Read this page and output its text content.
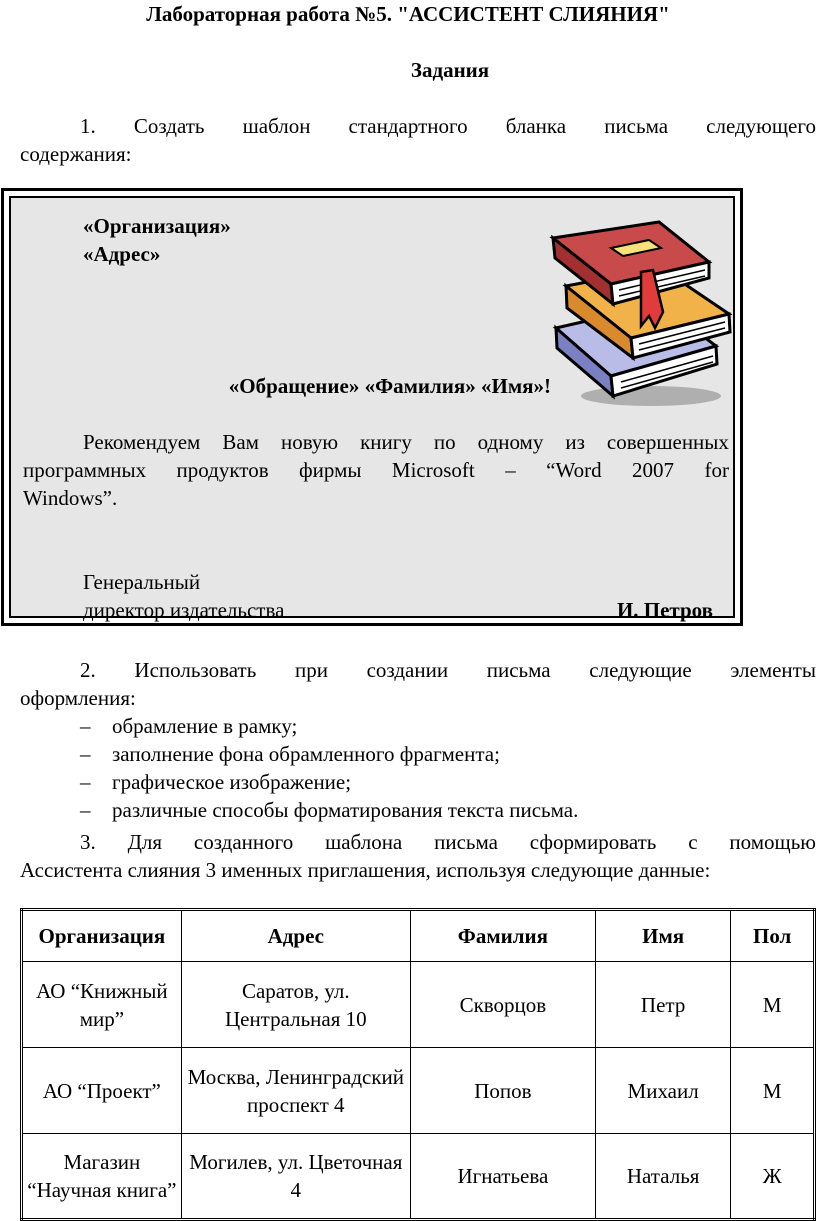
Лабораторная работа №5. "АССИСТЕНТ СЛИЯНИЯ"
Задания
1. Создать шаблон стандартного бланка письма следующего
содержания:
«Организация»
«Адрес»
«Обращение» «Фамилия» «Имя»!
Рекомендуем Вам новую книгу по одному из совершенных
программных продуктов фирмы Microsoft – “Word 2007 for
Windows”.
Генеральный
директор издательства	И. Петров
2. Использовать при создании письма следующие элементы
оформления:
– обрамление в рамку;
– заполнение фона обрамленного фрагмента;
– графическое изображение;
– различные способы форматирования текста письма.
3. Для созданного шаблона письма сформировать с помощью
Ассистента слияния 3 именных приглашения, используя следующие данные:
Организация	Адрес	Фамилия	Имя	Пол
АО “Книжный мир”	Саратов, ул. Центральная 10	Скворцов	Петр	М
АО “Проект”	Москва, Ленинградский проспект 4	Попов	Михаил	М
Магазин “Научная книга”	Могилев, ул. Цветочная 4	Игнатьева	Наталья	Ж
